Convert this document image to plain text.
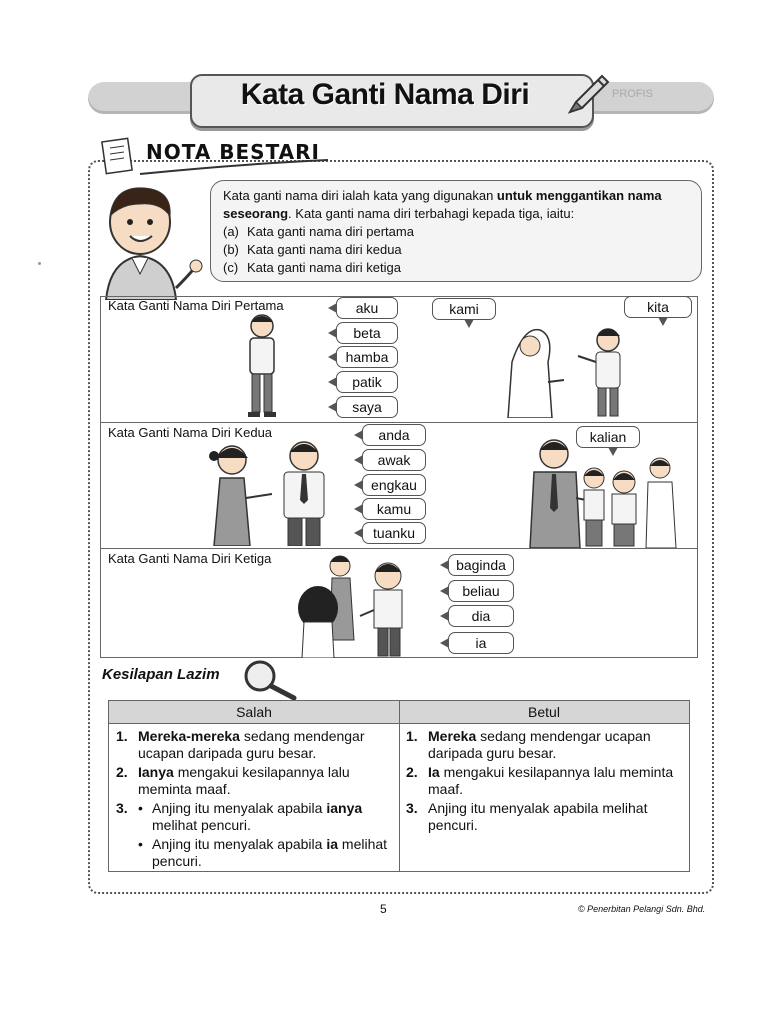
PROFIS
Kata Ganti Nama Diri
NOTA BESTARI

Kata ganti nama diri ialah kata yang digunakan untuk menggantikan nama seseorang. Kata ganti nama diri terbahagi kepada tiga, iaitu:

(a) Kata ganti nama diri pertama
(b) Kata ganti nama diri kedua
(c) Kata ganti nama diri ketiga
Kata Ganti Nama Diri Pertama	aku
beta
hamba
patik
saya
kami	kita
Kata Ganti Nama Diri Kedua	anda
awak
engkau
kamu
tuanku
kalian
Kata Ganti Nama Diri Ketiga	baginda
beliau
dia
ia
Kesilapan Lazim
Salah	Betul
1. Mereka-mereka sedang mendengar ucapan daripada guru besar.
2. Ianya mengakui kesilapannya lalu meminta maaf.
3. • Anjing itu menyalak apabila ianya melihat pencuri.
• Anjing itu menyalak apabila ia melihat pencuri.
1. Mereka sedang mendengar ucapan daripada guru besar.
2. Ia mengakui kesilapannya lalu meminta maaf.
3. Anjing itu menyalak apabila melihat pencuri.
5	© Penerbitan Pelangi Sdn. Bhd.
